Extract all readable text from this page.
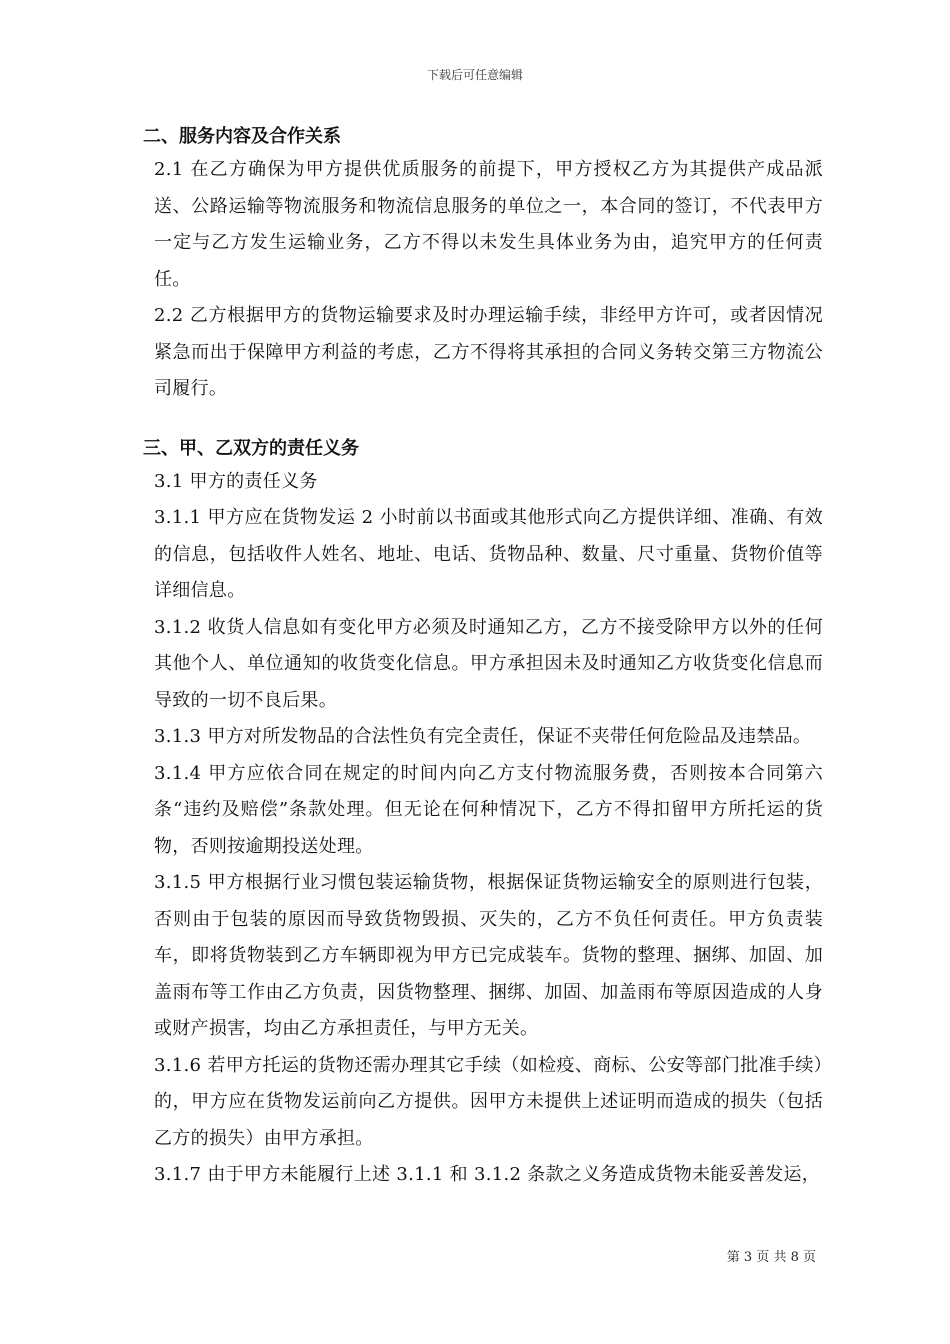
下载后可任意编辑
二、服务内容及合作关系

2.1 在乙方确保为甲方提供优质服务的前提下，甲方授权乙方为其提供产成品派送、公路运输等物流服务和物流信息服务的单位之一，本合同的签订，不代表甲方一定与乙方发生运输业务，乙方不得以未发生具体业务为由，追究甲方的任何责任。

2.2 乙方根据甲方的货物运输要求及时办理运输手续，非经甲方许可，或者因情况紧急而出于保障甲方利益的考虑，乙方不得将其承担的合同义务转交第三方物流公司履行。

三、甲、乙双方的责任义务

3.1 甲方的责任义务

3.1.1 甲方应在货物发运 2 小时前以书面或其他形式向乙方提供详细、准确、有效的信息，包括收件人姓名、地址、电话、货物品种、数量、尺寸重量、货物价值等详细信息。

3.1.2 收货人信息如有变化甲方必须及时通知乙方，乙方不接受除甲方以外的任何其他个人、单位通知的收货变化信息。甲方承担因未及时通知乙方收货变化信息而导致的一切不良后果。

3.1.3 甲方对所发物品的合法性负有完全责任，保证不夹带任何危险品及违禁品。

3.1.4 甲方应依合同在规定的时间内向乙方支付物流服务费，否则按本合同第六条“违约及赔偿”条款处理。但无论在何种情况下，乙方不得扣留甲方所托运的货物，否则按逾期投送处理。

3.1.5 甲方根据行业习惯包装运输货物，根据保证货物运输安全的原则进行包装，否则由于包装的原因而导致货物毁损、灭失的，乙方不负任何责任。甲方负责装车，即将货物装到乙方车辆即视为甲方已完成装车。货物的整理、捆绑、加固、加盖雨布等工作由乙方负责，因货物整理、捆绑、加固、加盖雨布等原因造成的人身或财产损害，均由乙方承担责任，与甲方无关。

3.1.6 若甲方托运的货物还需办理其它手续（如检疫、商标、公安等部门批准手续）的，甲方应在货物发运前向乙方提供。因甲方未提供上述证明而造成的损失（包括乙方的损失）由甲方承担。

3.1.7 由于甲方未能履行上述 3.1.1 和 3.1.2 条款之义务造成货物未能妥善发运，

第 3 页 共 8 页
